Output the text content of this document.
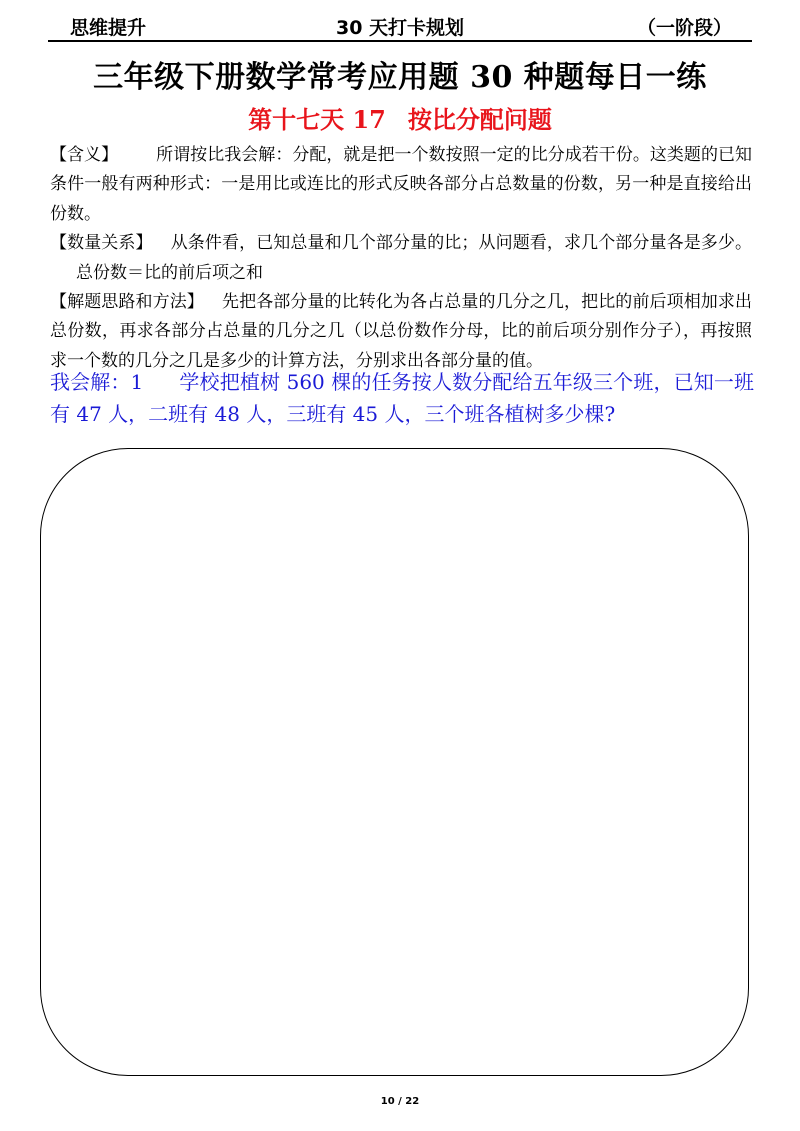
思维提升	30 天打卡规划	（一阶段）
三年级下册数学常考应用题 30 种题每日一练
第十七天 17 按比分配问题

【含义】 所谓按比我会解：分配，就是把一个数按照一定的比分成若干份。这类题的已知条件一般有两种形式：一是用比或连比的形式反映各部分占总数量的份数，另一种是直接给出份数。

【数量关系】 从条件看，已知总量和几个部分量的比；从问题看，求几个部分量各是多少。总份数＝比的前后项之和

【解题思路和方法】 先把各部分量的比转化为各占总量的几分之几，把比的前后项相加求出总份数，再求各部分占总量的几分之几（以总份数作分母，比的前后项分别作分子），再按照求一个数的几分之几是多少的计算方法，分别求出各部分量的值。

我会解：1 学校把植树 560 棵的任务按人数分配给五年级三个班，已知一班有 47 人，二班有 48 人，三班有 45 人，三个班各植树多少棵?
10 / 22
